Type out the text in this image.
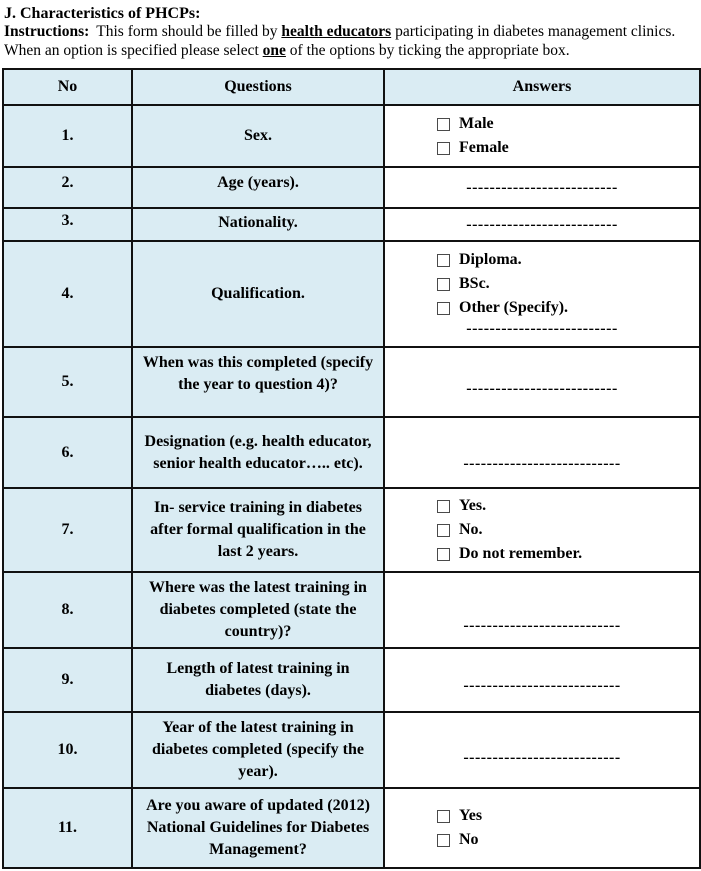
J. Characteristics of PHCPs:
Instructions: This form should be filled by health educators participating in diabetes management clinics.
When an option is specified please select one of the options by ticking the appropriate box.
No	Questions	Answers
1.	Sex.	Male
Female

2.	Age (years).	--------------------------

3.	Nationality.	--------------------------

4.	Qualification.	Diploma.
BSc.
Other (Specify).
--------------------------

5.	When was this completed (specify the year to question 4)?	--------------------------

6.	Designation (e.g. health educator, senior health educator….. etc).	---------------------------

7.	In- service training in diabetes after formal qualification in the last 2 years.	Yes.
No.
Do not remember.

8.	Where was the latest training in diabetes completed (state the country)?	---------------------------

9.	Length of latest training in diabetes (days).	---------------------------

10.	Year of the latest training in diabetes completed (specify the year).	---------------------------

11.	Are you aware of updated (2012) National Guidelines for Diabetes Management?	Yes
No
